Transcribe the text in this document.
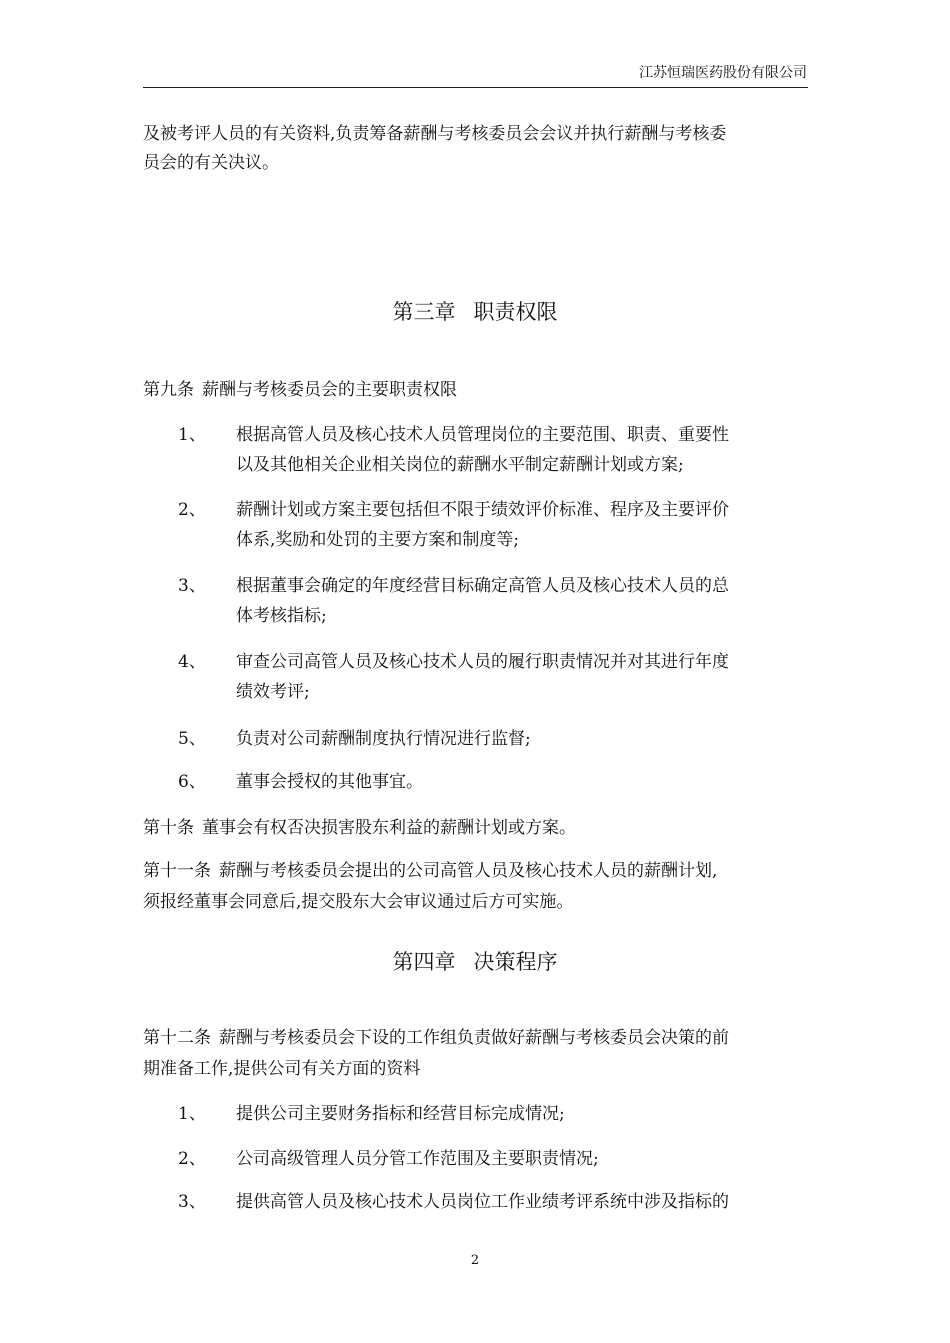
江苏恒瑞医药股份有限公司
及被考评人员的有关资料,负责筹备薪酬与考核委员会会议并执行薪酬与考核委
员会的有关决议。
第三章 职责权限
第九条 薪酬与考核委员会的主要职责权限
1、 根据高管人员及核心技术人员管理岗位的主要范围、职责、重要性
以及其他相关企业相关岗位的薪酬水平制定薪酬计划或方案;
2、 薪酬计划或方案主要包括但不限于绩效评价标准、程序及主要评价
体系,奖励和处罚的主要方案和制度等;
3、 根据董事会确定的年度经营目标确定高管人员及核心技术人员的总
体考核指标;
4、 审查公司高管人员及核心技术人员的履行职责情况并对其进行年度
绩效考评;
5、 负责对公司薪酬制度执行情况进行监督;
6、 董事会授权的其他事宜。
第十条 董事会有权否决损害股东利益的薪酬计划或方案。
第十一条 薪酬与考核委员会提出的公司高管人员及核心技术人员的薪酬计划,
须报经董事会同意后,提交股东大会审议通过后方可实施。
第四章 决策程序
第十二条 薪酬与考核委员会下设的工作组负责做好薪酬与考核委员会决策的前
期准备工作,提供公司有关方面的资料
1、 提供公司主要财务指标和经营目标完成情况;
2、 公司高级管理人员分管工作范围及主要职责情况;
3、 提供高管人员及核心技术人员岗位工作业绩考评系统中涉及指标的
2
